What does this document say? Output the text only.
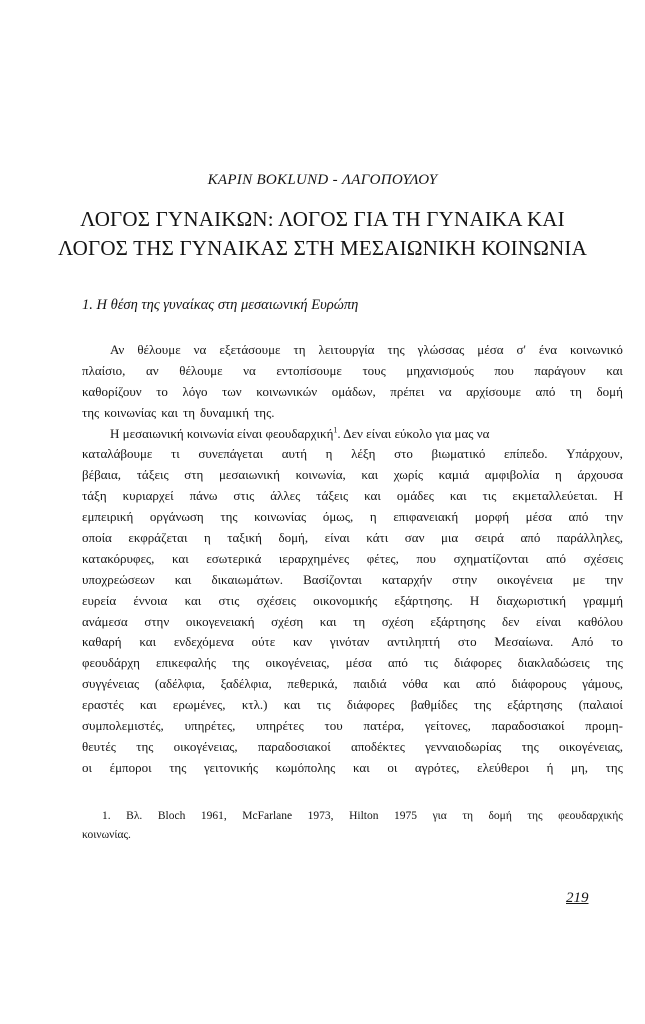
ΚΑΡΙΝ BOKLUND - ΛΑΓΟΠΟΥΛΟΥ
ΛΟΓΟΣ ΓΥΝΑΙΚΩΝ: ΛΟΓΟΣ ΓΙΑ ΤΗ ΓΥΝΑΙΚΑ ΚΑΙ
ΛΟΓΟΣ ΤΗΣ ΓΥΝΑΙΚΑΣ ΣΤΗ ΜΕΣΑΙΩΝΙΚΗ ΚΟΙΝΩΝΙΑ
1. Η θέση της γυναίκας στη μεσαιωνική Ευρώπη
Αν θέλουμε να εξετάσουμε τη λειτουργία της γλώσσας μέσα σ' ένα κοινωνικό
πλαίσιο, αν θέλουμε να εντοπίσουμε τους μηχανισμούς που παράγουν και
καθορίζουν το λόγο των κοινωνικών ομάδων, πρέπει να αρχίσουμε από τη δομή
της κοινωνίας και τη δυναμική της.
Η μεσαιωνική κοινωνία είναι φεουδαρχική$^1$. Δεν είναι εύκολο για μας να
καταλάβουμε τι συνεπάγεται αυτή η λέξη στο βιωματικό επίπεδο. Υπάρχουν,
βέβαια, τάξεις στη μεσαιωνική κοινωνία, και χωρίς καμιά αμφιβολία η άρχουσα
τάξη κυριαρχεί πάνω στις άλλες τάξεις και ομάδες και τις εκμεταλλεύεται. Η
εμπειρική οργάνωση της κοινωνίας όμως, η επιφανειακή μορφή μέσα από την
οποία εκφράζεται η ταξική δομή, είναι κάτι σαν μια σειρά από παράλληλες,
κατακόρυφες, και εσωτερικά ιεραρχημένες φέτες, που σχηματίζονται από σχέσεις
υποχρεώσεων και δικαιωμάτων. Βασίζονται καταρχήν στην οικογένεια με την
ευρεία έννοια και στις σχέσεις οικονομικής εξάρτησης. Η διαχωριστική γραμμή
ανάμεσα στην οικογενειακή σχέση και τη σχέση εξάρτησης δεν είναι καθόλου
καθαρή και ενδεχόμενα ούτε καν γινόταν αντιληπτή στο Μεσαίωνα. Από το
φεουδάρχη επικεφαλής της οικογένειας, μέσα από τις διάφορες διακλαδώσεις της
συγγένειας (αδέλφια, ξαδέλφια, πεθερικά, παιδιά νόθα και από διάφορους γάμους,
εραστές και ερωμένες, κτλ.) και τις διάφορες βαθμίδες της εξάρτησης (παλαιοί
συμπολεμιστές, υπηρέτες, υπηρέτες του πατέρα, γείτονες, παραδοσιακοί προμη-
θευτές της οικογένειας, παραδοσιακοί αποδέκτες γενναιοδωρίας της οικογένειας,
οι έμποροι της γειτονικής κωμόπολης και οι αγρότες, ελεύθεροι ή μη, της
1. Βλ. Bloch 1961, McFarlane 1973, Hilton 1975 για τη δομή της φεουδαρχικής
κοινωνίας.
219
